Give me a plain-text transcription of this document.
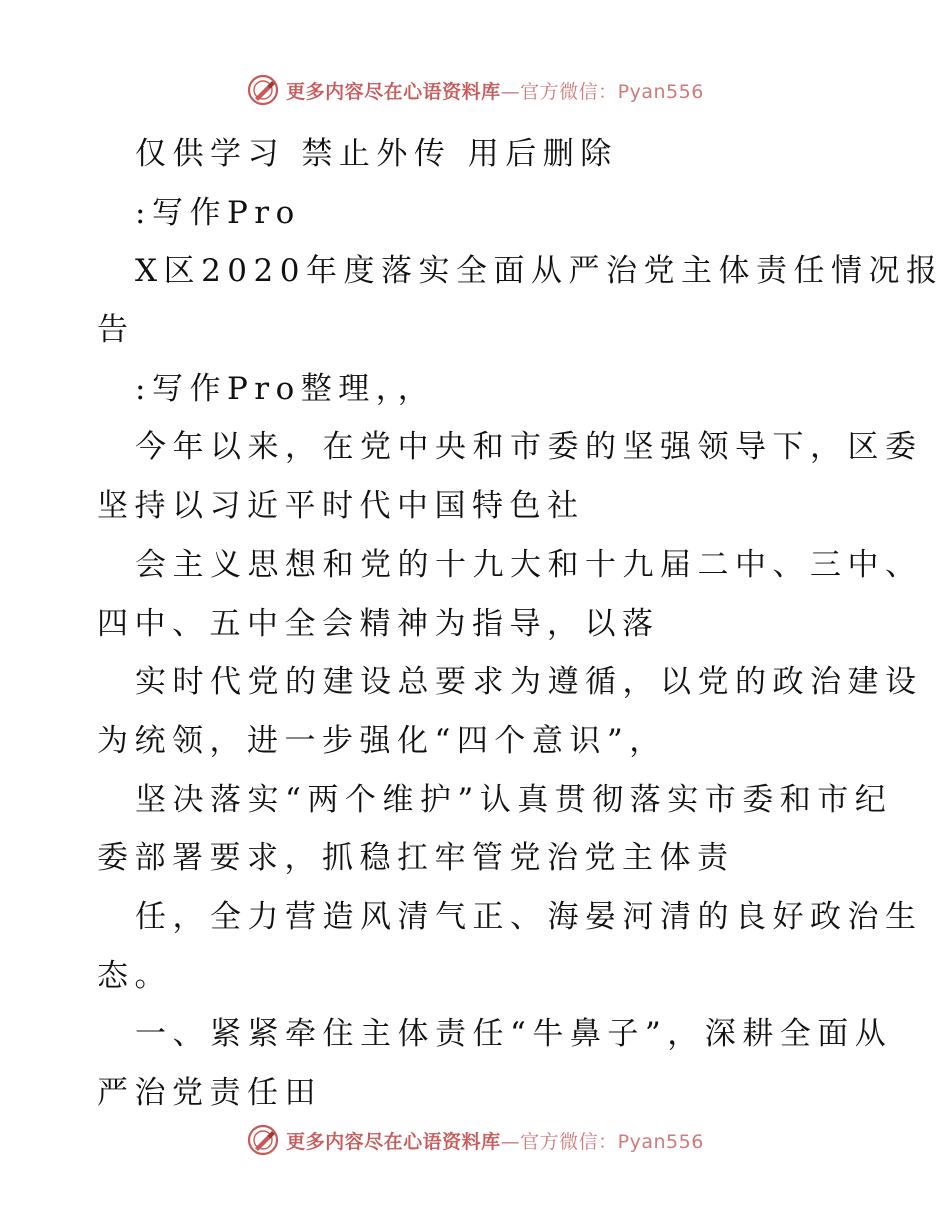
更多内容尽在心语资料库—官方微信：Pyan556
仅供学习 禁止外传 用后删除
:写作Pro
X区2020年度落实全面从严治党主体责任情况报
告
:写作Pro整理，，
今年以来，在党中央和市委的坚强领导下，区委
坚持以习近平时代中国特色社
会主义思想和党的十九大和十九届二中、三中、
四中、五中全会精神为指导，以落
实时代党的建设总要求为遵循，以党的政治建设
为统领，进一步强化“四个意识”，
坚决落实“两个维护”认真贯彻落实市委和市纪
委部署要求，抓稳扛牢管党治党主体责
任，全力营造风清气正、海晏河清的良好政治生
态。
一、紧紧牵住主体责任“牛鼻子”，深耕全面从
严治党责任田
更多内容尽在心语资料库—官方微信：Pyan556
